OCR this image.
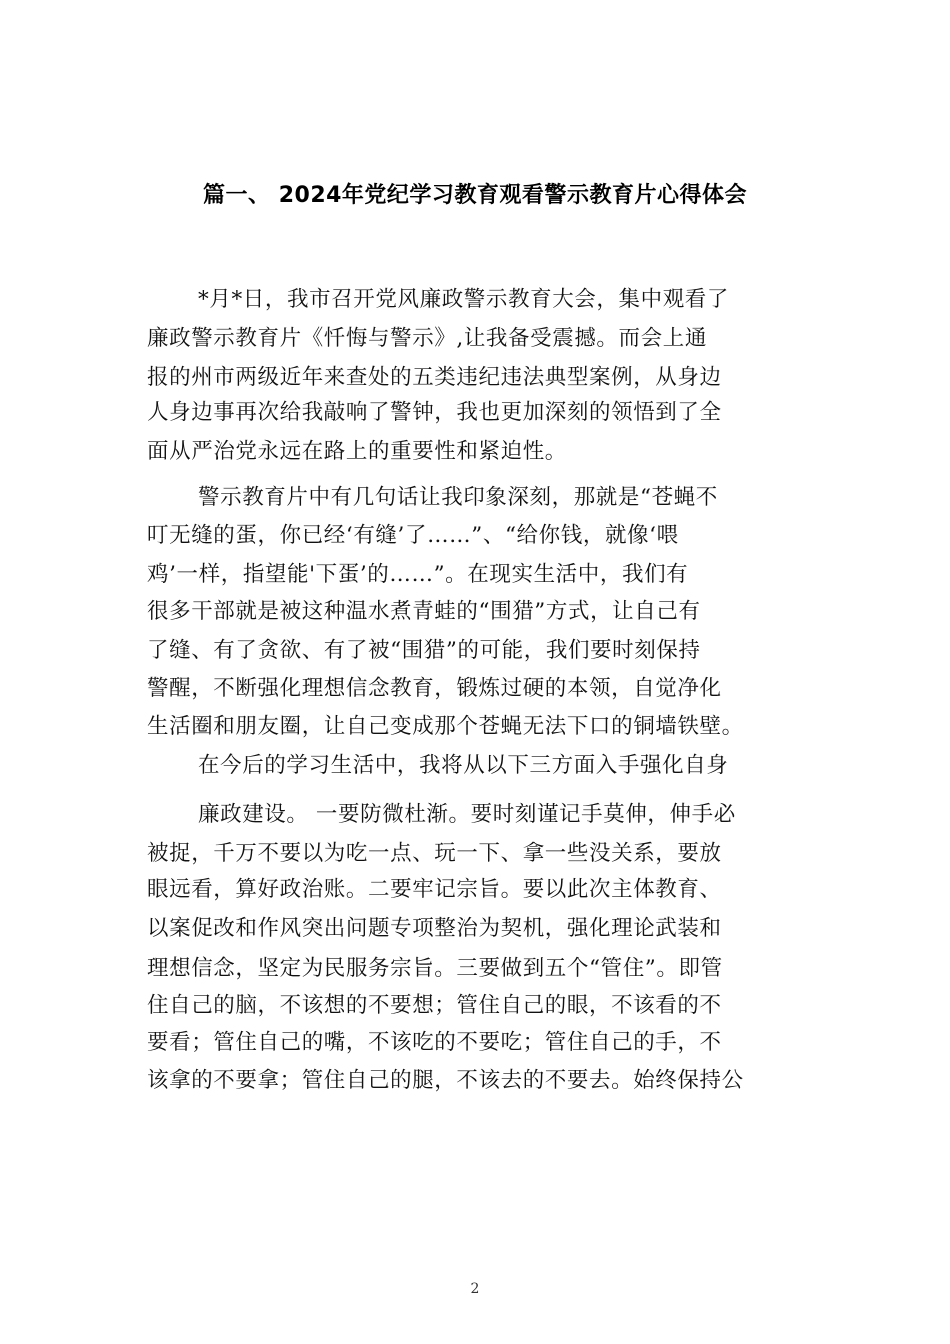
篇一、 2024年党纪学习教育观看警示教育片心得体会
*月*日，我市召开党风廉政警示教育大会，集中观看了
廉政警示教育片《忏悔与警示》,让我备受震撼。而会上通
报的州市两级近年来查处的五类违纪违法典型案例，从身边
人身边事再次给我敲响了警钟，我也更加深刻的领悟到了全
面从严治党永远在路上的重要性和紧迫性。
警示教育片中有几句话让我印象深刻，那就是“苍蝇不
叮无缝的蛋，你已经‘有缝’了……”、“给你钱，就像‘喂
鸡’一样，指望能'下蛋’的……”。在现实生活中，我们有
很多干部就是被这种温水煮青蛙的“围猎”方式，让自己有
了缝、有了贪欲、有了被“围猎”的可能，我们要时刻保持
警醒，不断强化理想信念教育，锻炼过硬的本领，自觉净化
生活圈和朋友圈，让自己变成那个苍蝇无法下口的铜墙铁壁。
在今后的学习生活中，我将从以下三方面入手强化自身
廉政建设。 一要防微杜渐。要时刻谨记手莫伸，伸手必
被捉，千万不要以为吃一点、玩一下、拿一些没关系，要放
眼远看，算好政治账。二要牢记宗旨。要以此次主体教育、
以案促改和作风突出问题专项整治为契机，强化理论武装和
理想信念，坚定为民服务宗旨。三要做到五个“管住”。即管
住自己的脑，不该想的不要想；管住自己的眼，不该看的不
要看；管住自己的嘴，不该吃的不要吃；管住自己的手，不
该拿的不要拿；管住自己的腿，不该去的不要去。始终保持公
2
